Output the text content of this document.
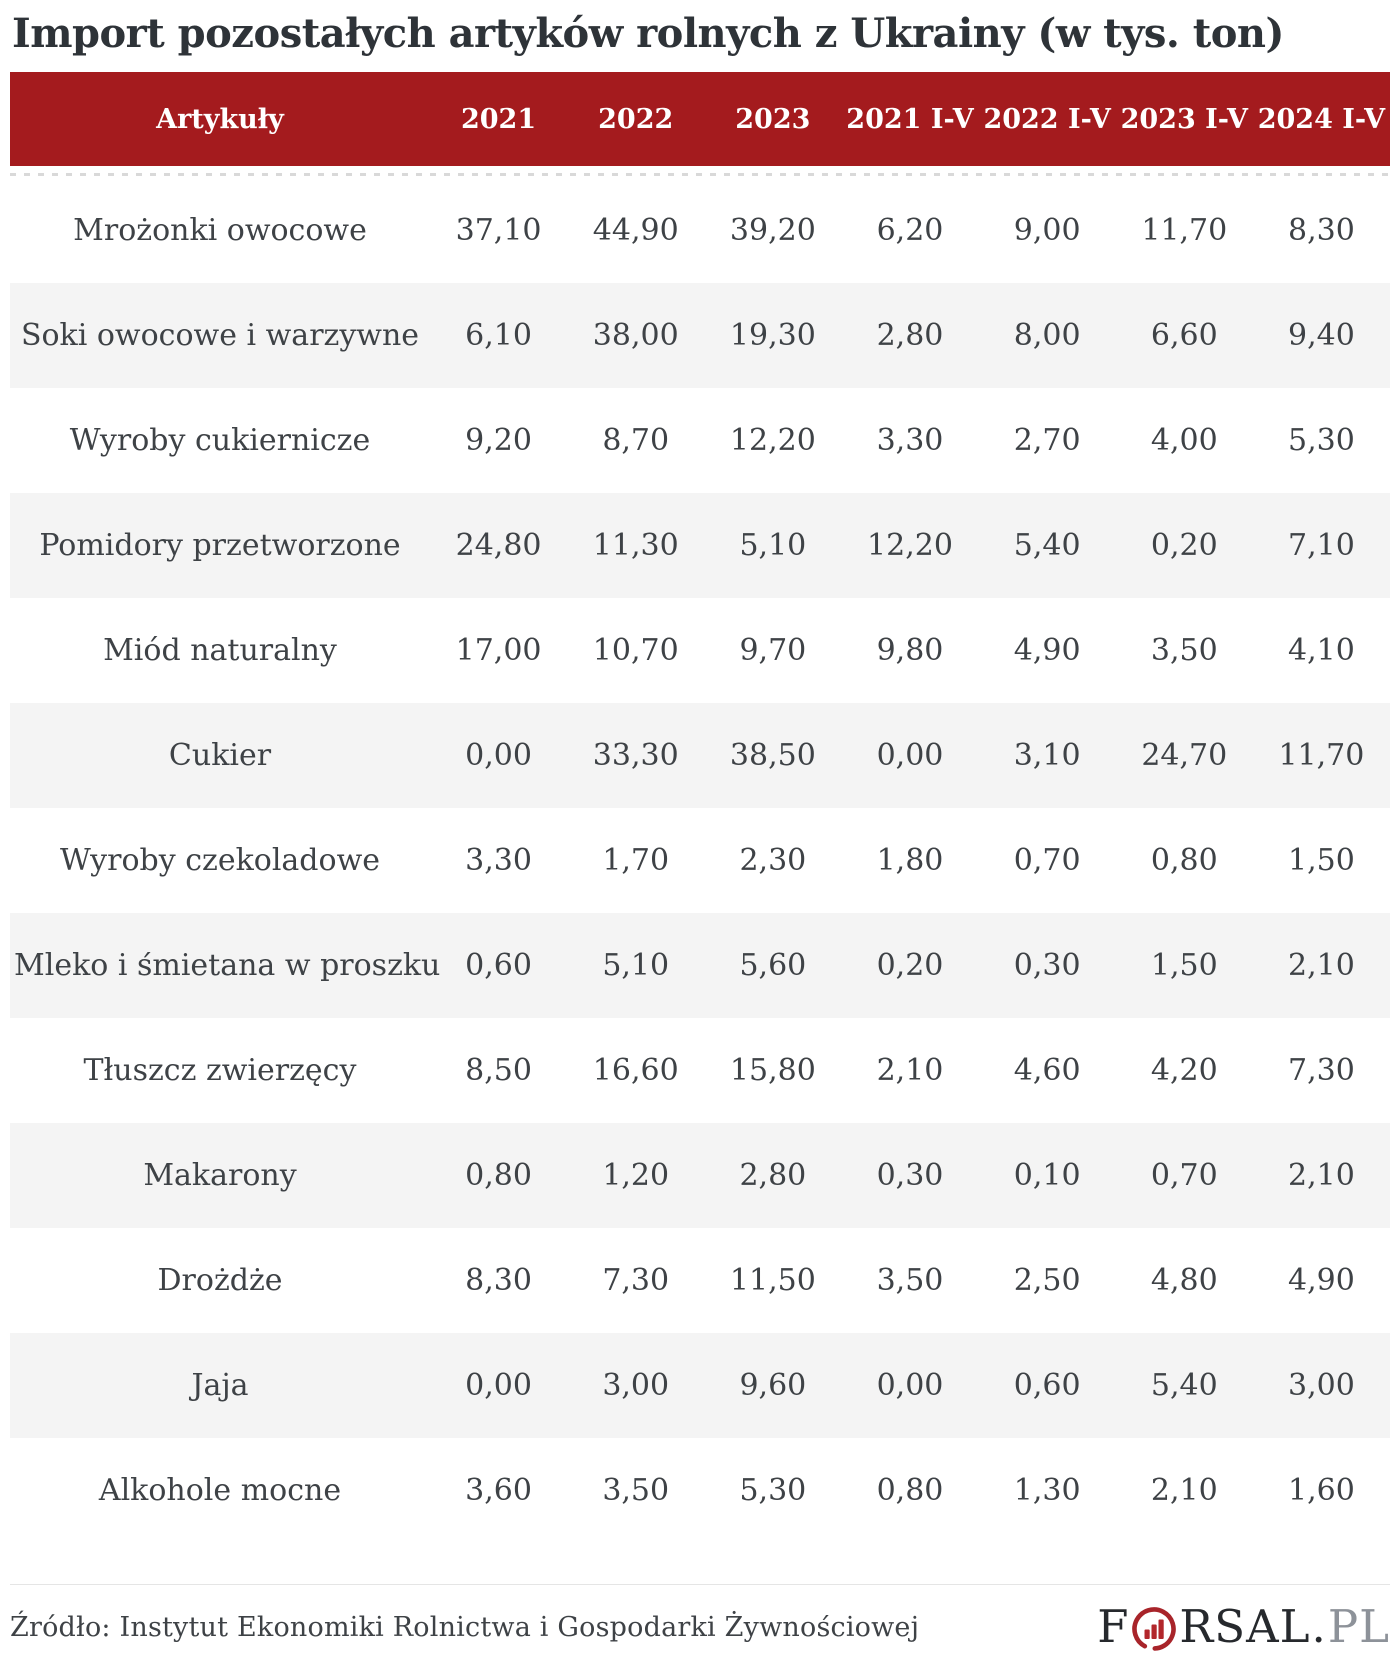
Import pozostałych artyków rolnych z Ukrainy (w tys. ton)
Artykuły	2021	2022	2023	2021 I-V 2022 I-V 2023 I-V 2024 I-V
Mrożonki owocowe	37,10	44,90	39,20	6,20	9,00	11,70	8,30
Soki owocowe i warzywne	6,10	38,00	19,30	2,80	8,00	6,60	9,40
Wyroby cukiernicze	9,20	8,70	12,20	3,30	2,70	4,00	5,30
Pomidory przetworzone	24,80	11,30	5,10	12,20	5,40	0,20	7,10
Miód naturalny	17,00	10,70	9,70	9,80	4,90	3,50	4,10
Cukier	0,00	33,30	38,50	0,00	3,10	24,70	11,70
Wyroby czekoladowe	3,30	1,70	2,30	1,80	0,70	0,80	1,50
Mleko i śmietana w proszku 0,60	5,10	5,60	0,20	0,30	1,50	2,10
Tłuszcz zwierzęcy	8,50	16,60	15,80	2,10	4,60	4,20	7,30
Makarony	0,80	1,20	2,80	0,30	0,10	0,70	2,10
Drożdże	8,30	7,30	11,50	3,50	2,50	4,80	4,90
Jaja	0,00	3,00	9,60	0,00	0,60	5,40	3,00
Alkohole mocne	3,60	3,50	5,30	0,80	1,30	2,10	1,60
Źródło: Instytut Ekonomiki Rolnictwa i Gospodarki Żywnościowej	F RSAL . PL
